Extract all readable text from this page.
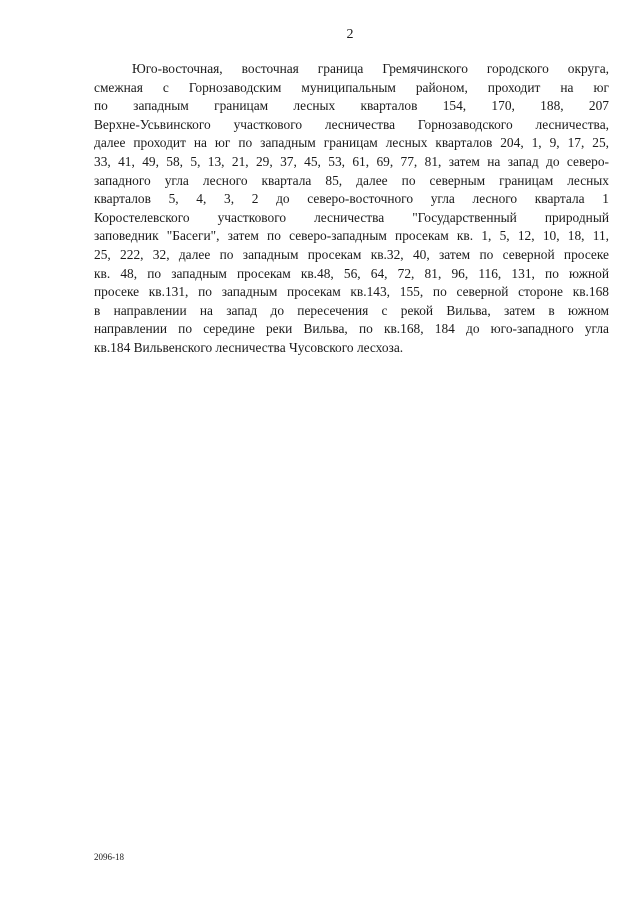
2
Юго-восточная, восточная граница Гремячинского городского округа,
смежная с Горнозаводским муниципальным районом, проходит на юг
по западным границам лесных кварталов 154, 170, 188, 207
Верхне-Усьвинского участкового лесничества Горнозаводского лесничества,
далее проходит на юг по западным границам лесных кварталов 204, 1, 9, 17, 25,
33, 41, 49, 58, 5, 13, 21, 29, 37, 45, 53, 61, 69, 77, 81, затем на запад до северо-
западного угла лесного квартала 85, далее по северным границам лесных
кварталов 5, 4, 3, 2 до северо-восточного угла лесного квартала 1
Коростелевского участкового лесничества "Государственный природный
заповедник "Басеги", затем по северо-западным просекам кв. 1, 5, 12, 10, 18, 11,
25, 222, 32, далее по западным просекам кв.32, 40, затем по северной просеке
кв. 48, по западным просекам кв.48, 56, 64, 72, 81, 96, 116, 131, по южной
просеке кв.131, по западным просекам кв.143, 155, по северной стороне кв.168
в направлении на запад до пересечения с рекой Вильва, затем в южном
направлении по середине реки Вильва, по кв.168, 184 до юго-западного угла
кв.184 Вильвенского лесничества Чусовского лесхоза.
2096-18
